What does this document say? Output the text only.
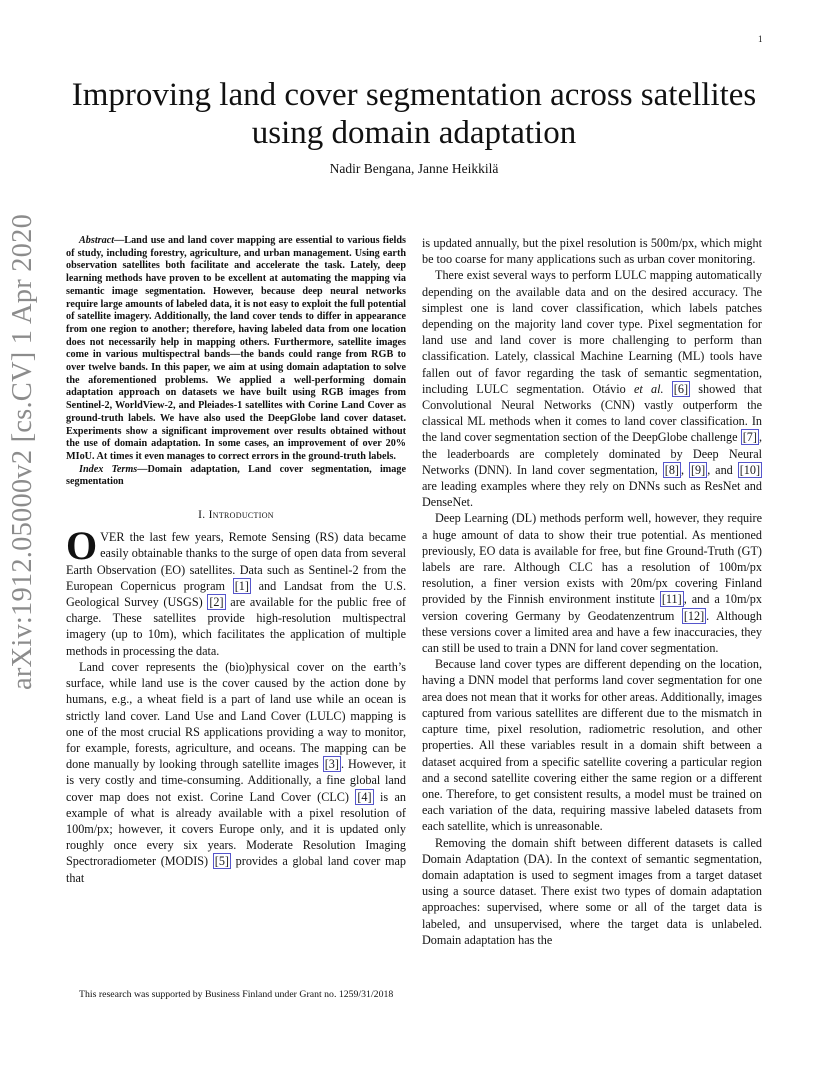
1
arXiv:1912.05000v2 [cs.CV] 1 Apr 2020
Improving land cover segmentation across satellites
using domain adaptation
Nadir Bengana, Janne Heikkilä

Abstract—Land use and land cover mapping are essential to various fields of study, including forestry, agriculture, and urban management. Using earth observation satellites both facilitate and accelerate the task. Lately, deep learning methods have proven to be excellent at automating the mapping via semantic image segmentation. However, because deep neural networks require large amounts of labeled data, it is not easy to exploit the full potential of satellite imagery. Additionally, the land cover tends to differ in appearance from one region to another; therefore, having labeled data from one location does not necessarily help in mapping others. Furthermore, satellite images come in various multispectral bands—the bands could range from RGB to over twelve bands. In this paper, we aim at using domain adaptation to solve the aforementioned problems. We applied a well-performing domain adaptation approach on datasets we have built using RGB images from Sentinel-2, WorldView-2, and Pleiades-1 satellites with Corine Land Cover as ground-truth labels. We have also used the DeepGlobe land cover dataset. Experiments show a significant improvement over results obtained without the use of domain adaptation. In some cases, an improvement of over 20% MIoU. At times it even manages to correct errors in the ground-truth labels.

Index Terms—Domain adaptation, Land cover segmentation, image segmentation

I. Introduction

OVER the last few years, Remote Sensing (RS) data became easily obtainable thanks to the surge of open data from several Earth Observation (EO) satellites. Data such as Sentinel-2 from the European Copernicus program [1] and Landsat from the U.S. Geological Survey (USGS) [2] are available for the public free of charge. These satellites provide high-resolution multispectral imagery (up to 10m), which facilitates the application of multiple methods in processing the data.

Land cover represents the (bio)physical cover on the earth’s surface, while land use is the cover caused by the action done by humans, e.g., a wheat field is a part of land use while an ocean is strictly land cover. Land Use and Land Cover (LULC) mapping is one of the most crucial RS applications providing a way to monitor, for example, forests, agriculture, and oceans. The mapping can be done manually by looking through satellite images [3] . However, it is very costly and time-consuming. Additionally, a fine global land cover map does not exist. Corine Land Cover (CLC) [4] is an example of what is already available with a pixel resolution of 100m/px; however, it covers Europe only, and it is updated only roughly once every six years. Moderate Resolution Imaging Spectroradiometer (MODIS) [5] provides a global land cover map that

This research was supported by Business Finland under Grant no. 1259/31/2018

is updated annually, but the pixel resolution is 500m/px, which might be too coarse for many applications such as urban cover monitoring.

There exist several ways to perform LULC mapping automatically depending on the available data and on the desired accuracy. The simplest one is land cover classification, which labels patches depending on the majority land cover type. Pixel segmentation for land use and land cover is more challenging to perform than classification. Lately, classical Machine Learning (ML) tools have fallen out of favor regarding the task of semantic segmentation, including LULC segmentation. Otávio et al. [6] showed that Convolutional Neural Networks (CNN) vastly outperform the classical ML methods when it comes to land cover classification. In the land cover segmentation section of the DeepGlobe challenge [7] , the leaderboards are completely dominated by Deep Neural Networks (DNN). In land cover segmentation, [8] , [9] , and [10] are leading examples where they rely on DNNs such as ResNet and DenseNet.

Deep Learning (DL) methods perform well, however, they require a huge amount of data to show their true potential. As mentioned previously, EO data is available for free, but fine Ground-Truth (GT) labels are rare. Although CLC has a resolution of 100m/px resolution, a finer version exists with 20m/px covering Finland provided by the Finnish environment institute [11] , and a 10m/px version covering Germany by Geodatenzentrum [12] . Although these versions cover a limited area and have a few inaccuracies, they can still be used to train a DNN for land cover segmentation.

Because land cover types are different depending on the location, having a DNN model that performs land cover segmentation for one area does not mean that it works for other areas. Additionally, images captured from various satellites are different due to the mismatch in capture time, pixel resolution, radiometric resolution, and other properties. All these variables result in a domain shift between a dataset acquired from a specific satellite covering a particular region and a second satellite covering either the same region or a different one. Therefore, to get consistent results, a model must be trained on each variation of the data, requiring massive labeled datasets from each satellite, which is unreasonable.

Removing the domain shift between different datasets is called Domain Adaptation (DA). In the context of semantic segmentation, domain adaptation is used to segment images from a target dataset using a source dataset. There exist two types of domain adaptation approaches: supervised, where some or all of the target data is labeled, and unsupervised, where the target data is unlabeled. Domain adaptation has the
